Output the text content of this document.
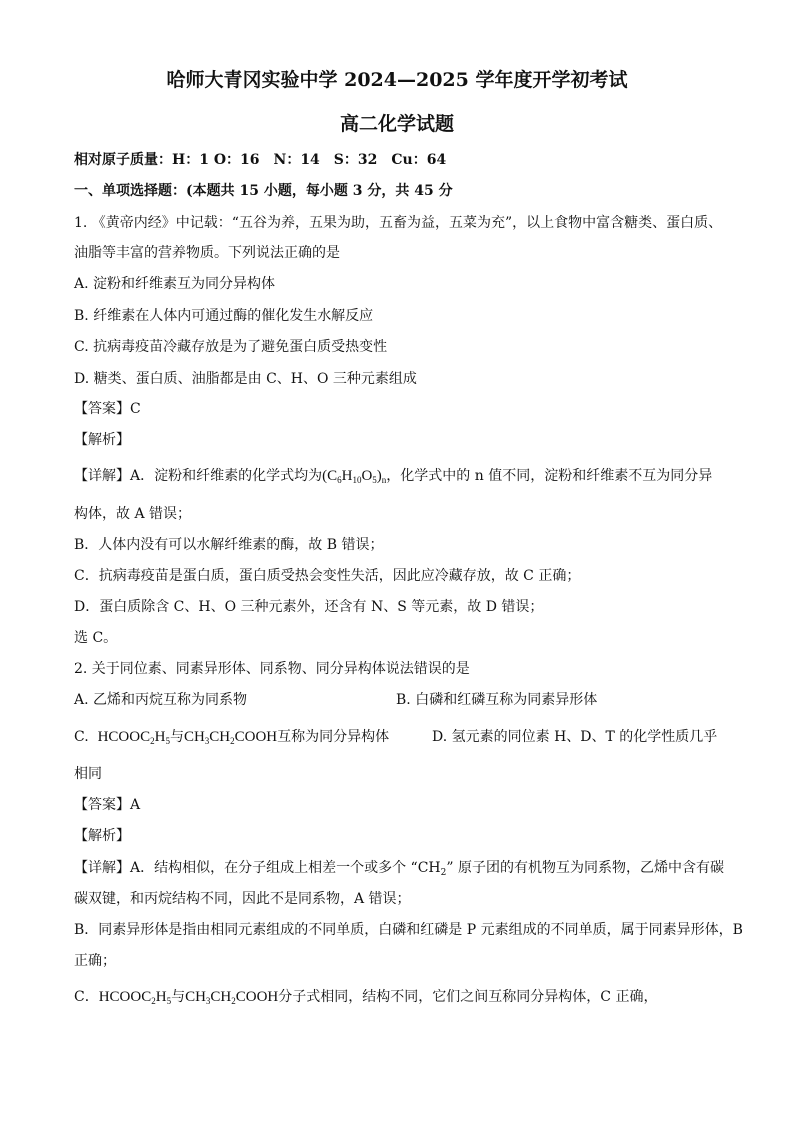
哈师大青冈实验中学 2024—2025 学年度开学初考试
高二化学试题
相对原子质量：H：1 O：16　N：14　S：32　Cu：64
一、单项选择题：(本题共 15 小题，每小题 3 分，共 45 分
1. 《黄帝内经》中记载：“五谷为养，五果为助，五畜为益，五菜为充”，以上食物中富含糖类、蛋白质、
油脂等丰富的营养物质。下列说法正确的是
A. 淀粉和纤维素互为同分异构体
B. 纤维素在人体内可通过酶的催化发生水解反应
C. 抗病毒疫苗冷藏存放是为了避免蛋白质受热变性
D. 糖类、蛋白质、油脂都是由 C、H、O 三种元素组成
【答案】C
【解析】
【详解】A．淀粉和纤维素的化学式均为$(C_6H_{10}O_5)_n$，化学式中的 n 值不同，淀粉和纤维素不互为同分异
构体，故 A 错误；
B．人体内没有可以水解纤维素的酶，故 B 错误；
C．抗病毒疫苗是蛋白质，蛋白质受热会变性失活，因此应冷藏存放，故 C 正确；
D．蛋白质除含 C、H、O 三种元素外，还含有 N、S 等元素，故 D 错误；
选 C。
2. 关于同位素、同素异形体、同系物、同分异构体说法错误的是
A. 乙烯和丙烷互称为同系物	B. 白磷和红磷互称为同素异形体
C. $HCOOC_2H_5$与$CH_3CH_2COOH$互称为同分异构体	D. 氢元素的同位素 H、D、T 的化学性质几乎
相同
【答案】A
【解析】
【详解】A．结构相似，在分子组成上相差一个或多个 “$CH_2$” 原子团的有机物互为同系物，乙烯中含有碳
碳双键，和丙烷结构不同，因此不是同系物，A 错误；
B．同素异形体是指由相同元素组成的不同单质，白磷和红磷是 P 元素组成的不同单质，属于同素异形体，B
正确；
C．$HCOOC_2H_5$与$CH_3CH_2COOH$分子式相同，结构不同，它们之间互称同分异构体，C 正确，
